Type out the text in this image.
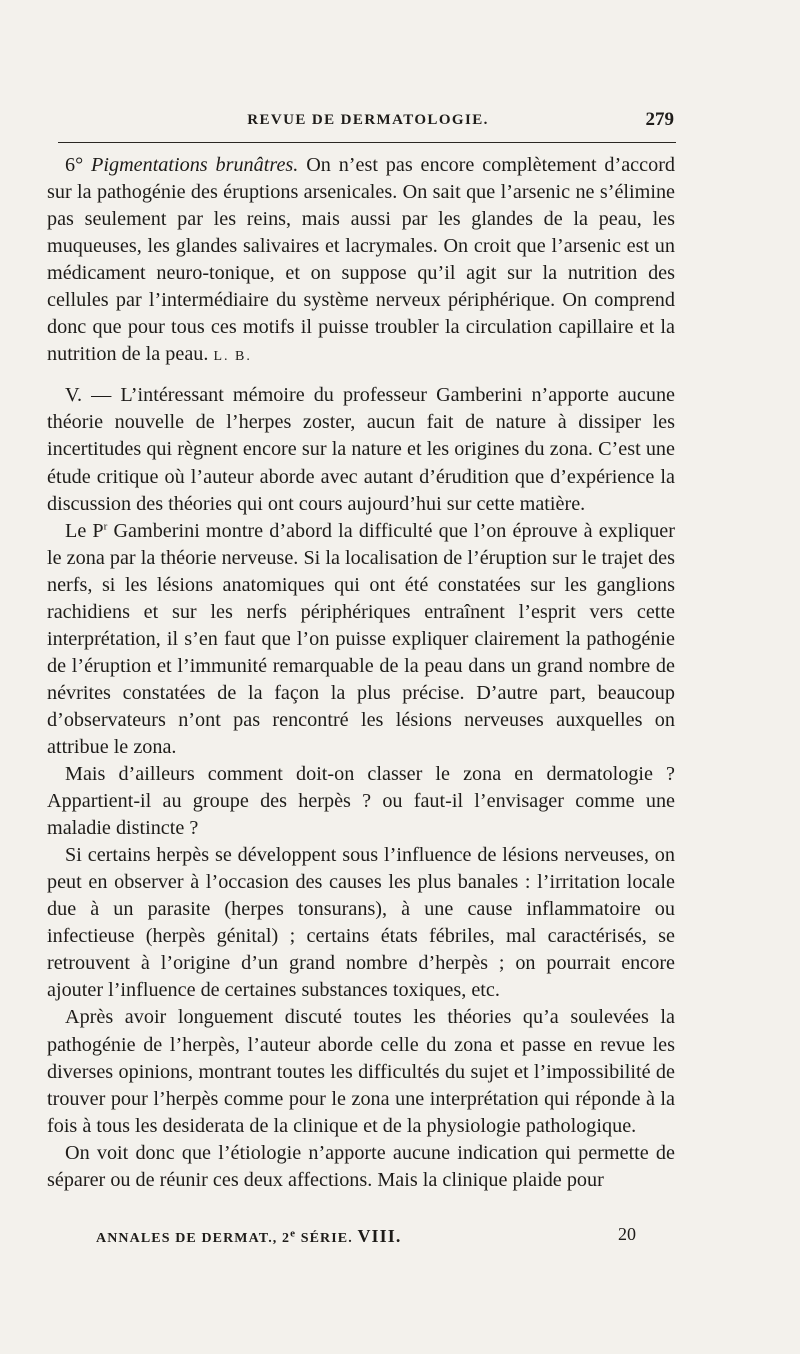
REVUE DE DERMATOLOGIE.	279

6° Pigmentations brunâtres. On n’est pas encore complètement d’accord sur la pathogénie des éruptions arsenicales. On sait que l’arsenic ne s’élimine pas seulement par les reins, mais aussi par les glandes de la peau, les muqueuses, les glandes salivaires et lacrymales. On croit que l’arsenic est un médicament neuro-tonique, et on suppose qu’il agit sur la nutrition des cellules par l’intermédiaire du système nerveux périphérique. On comprend donc que pour tous ces motifs il puisse troubler la circulation capillaire et la nutrition de la peau. L. B.

V. — L’intéressant mémoire du professeur Gamberini n’apporte aucune théorie nouvelle de l’herpes zoster, aucun fait de nature à dissiper les incertitudes qui règnent encore sur la nature et les origines du zona. C’est une étude critique où l’auteur aborde avec autant d’érudition que d’expérience la discussion des théories qui ont cours aujourd’hui sur cette matière.

Le $P^r$ Gamberini montre d’abord la difficulté que l’on éprouve à expliquer le zona par la théorie nerveuse. Si la localisation de l’éruption sur le trajet des nerfs, si les lésions anatomiques qui ont été constatées sur les ganglions rachidiens et sur les nerfs périphériques entraînent l’esprit vers cette interprétation, il s’en faut que l’on puisse expliquer clairement la pathogénie de l’éruption et l’immunité remarquable de la peau dans un grand nombre de névrites constatées de la façon la plus précise. D’autre part, beaucoup d’observateurs n’ont pas rencontré les lésions nerveuses auxquelles on attribue le zona.

Mais d’ailleurs comment doit-on classer le zona en dermatologie ? Appartient-il au groupe des herpès ? ou faut-il l’envisager comme une maladie distincte ?

Si certains herpès se développent sous l’influence de lésions nerveuses, on peut en observer à l’occasion des causes les plus banales : l’irritation locale due à un parasite (herpes tonsurans), à une cause inflammatoire ou infectieuse (herpès génital) ; certains états fébriles, mal caractérisés, se retrouvent à l’origine d’un grand nombre d’herpès ; on pourrait encore ajouter l’influence de certaines substances toxiques, etc.

Après avoir longuement discuté toutes les théories qu’a soulevées la pathogénie de l’herpès, l’auteur aborde celle du zona et passe en revue les diverses opinions, montrant toutes les difficultés du sujet et l’impossibilité de trouver pour l’herpès comme pour le zona une interprétation qui réponde à la fois à tous les desiderata de la clinique et de la physiologie pathologique.

On voit donc que l’étiologie n’apporte aucune indication qui permette de séparer ou de réunir ces deux affections. Mais la clinique plaide pour

ANNALES DE DERMAT., 2e SÉRIE. VIII.	20
